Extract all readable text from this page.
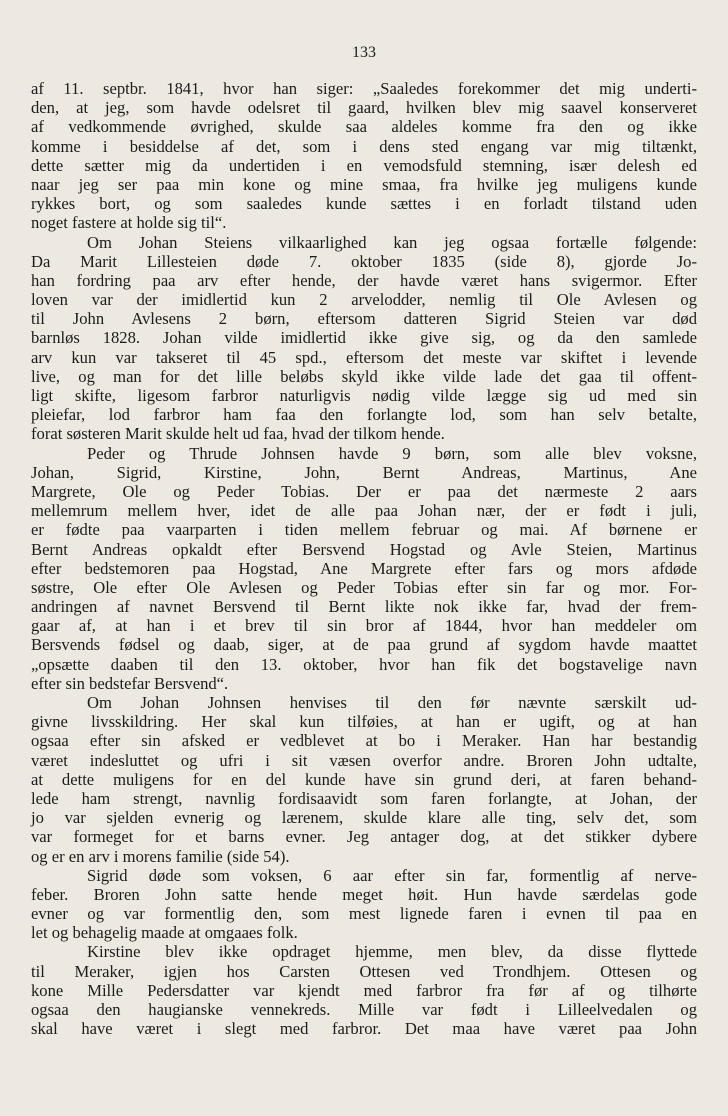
133
af 11. septbr. 1841, hvor han siger: „Saaledes forekommer det mig underti-
den, at jeg, som havde odelsret til gaard, hvilken blev mig saavel konserveret
af vedkommende øvrighed, skulde saa aldeles komme fra den og ikke
komme i besiddelse af det, som i dens sted engang var mig tiltænkt,
dette sætter mig da undertiden i en vemodsfuld stemning, især delesh ed
naar jeg ser paa min kone og mine smaa, fra hvilke jeg muligens kunde
rykkes bort, og som saaledes kunde sættes i en forladt tilstand uden
noget fastere at holde sig til“.
Om Johan Steiens vilkaarlighed kan jeg ogsaa fortælle følgende:
Da Marit Lillesteien døde 7. oktober 1835 (side 8), gjorde Jo-
han fordring paa arv efter hende, der havde været hans svigermor. Efter
loven var der imidlertid kun 2 arvelodder, nemlig til Ole Avlesen og
til John Avlesens 2 børn, eftersom datteren Sigrid Steien var død
barnløs 1828. Johan vilde imidlertid ikke give sig, og da den samlede
arv kun var takseret til 45 spd., eftersom det meste var skiftet i levende
live, og man for det lille beløbs skyld ikke vilde lade det gaa til offent-
ligt skifte, ligesom farbror naturligvis nødig vilde lægge sig ud med sin
pleiefar, lod farbror ham faa den forlangte lod, som han selv betalte,
forat søsteren Marit skulde helt ud faa, hvad der tilkom hende.
Peder og Thrude Johnsen havde 9 børn, som alle blev voksne,
Johan, Sigrid, Kirstine, John, Bernt Andreas, Martinus, Ane
Margrete, Ole og Peder Tobias. Der er paa det nærmeste 2 aars
mellemrum mellem hver, idet de alle paa Johan nær, der er født i juli,
er fødte paa vaarparten i tiden mellem februar og mai. Af børnene er
Bernt Andreas opkaldt efter Bersvend Hogstad og Avle Steien, Martinus
efter bedstemoren paa Hogstad, Ane Margrete efter fars og mors afdøde
søstre, Ole efter Ole Avlesen og Peder Tobias efter sin far og mor. For-
andringen af navnet Bersvend til Bernt likte nok ikke far, hvad der frem-
gaar af, at han i et brev til sin bror af 1844, hvor han meddeler om
Bersvends fødsel og daab, siger, at de paa grund af sygdom havde maattet
„opsætte daaben til den 13. oktober, hvor han fik det bogstavelige navn
efter sin bedstefar Bersvend“.
Om Johan Johnsen henvises til den før nævnte særskilt ud-
givne livsskildring. Her skal kun tilføies, at han er ugift, og at han
ogsaa efter sin afsked er vedblevet at bo i Meraker. Han har bestandig
været indesluttet og ufri i sit væsen overfor andre. Broren John udtalte,
at dette muligens for en del kunde have sin grund deri, at faren behand-
lede ham strengt, navnlig fordisaavidt som faren forlangte, at Johan, der
jo var sjelden evnerig og lærenem, skulde klare alle ting, selv det, som
var formeget for et barns evner. Jeg antager dog, at det stikker dybere
og er en arv i morens familie (side 54).
Sigrid døde som voksen, 6 aar efter sin far, formentlig af nerve-
feber. Broren John satte hende meget høit. Hun havde særdelas gode
evner og var formentlig den, som mest lignede faren i evnen til paa en
let og behagelig maade at omgaaes folk.
Kirstine blev ikke opdraget hjemme, men blev, da disse flyttede
til Meraker, igjen hos Carsten Ottesen ved Trondhjem. Ottesen og
kone Mille Pedersdatter var kjendt med farbror fra før af og tilhørte
ogsaa den haugianske vennekreds. Mille var født i Lilleelvedalen og
skal have været i slegt med farbror. Det maa have været paa John
